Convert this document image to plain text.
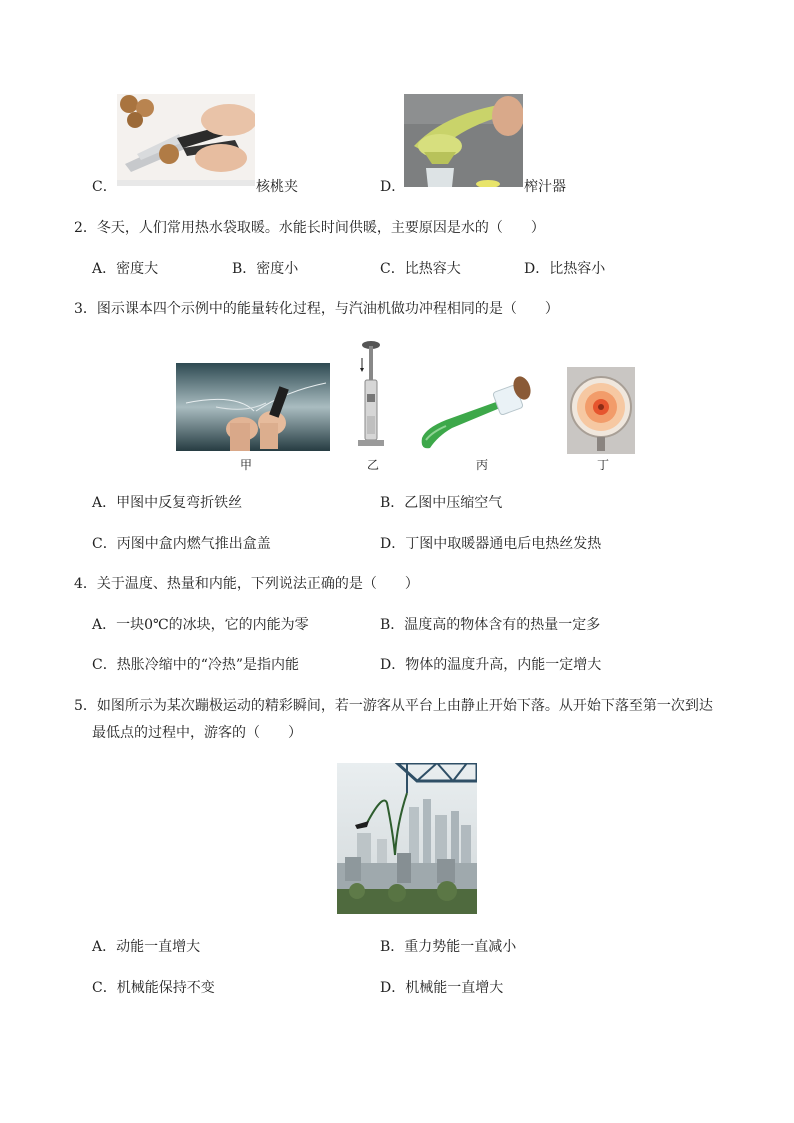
C．	核桃夹	D．	榨汁器
2．冬天，人们常用热水袋取暖。水能长时间供暖，主要原因是水的（　　）
A．密度大	B．密度小	C．比热容大	D．比热容小
3．图示课本四个示例中的能量转化过程，与汽油机做功冲程相同的是（　　）
甲	乙	丙	丁
A．甲图中反复弯折铁丝	B．乙图中压缩空气
C．丙图中盒内燃气推出盒盖	D．丁图中取暖器通电后电热丝发热
4．关于温度、热量和内能，下列说法正确的是（　　）
A．一块0℃的冰块，它的内能为零	B．温度高的物体含有的热量一定多
C．热胀冷缩中的“冷热”是指内能	D．物体的温度升高，内能一定增大
5．如图所示为某次蹦极运动的精彩瞬间，若一游客从平台上由静止开始下落。从开始下落至第一次到达
最低点的过程中，游客的（　　）
A．动能一直增大	B．重力势能一直减小
C．机械能保持不变	D．机械能一直增大
